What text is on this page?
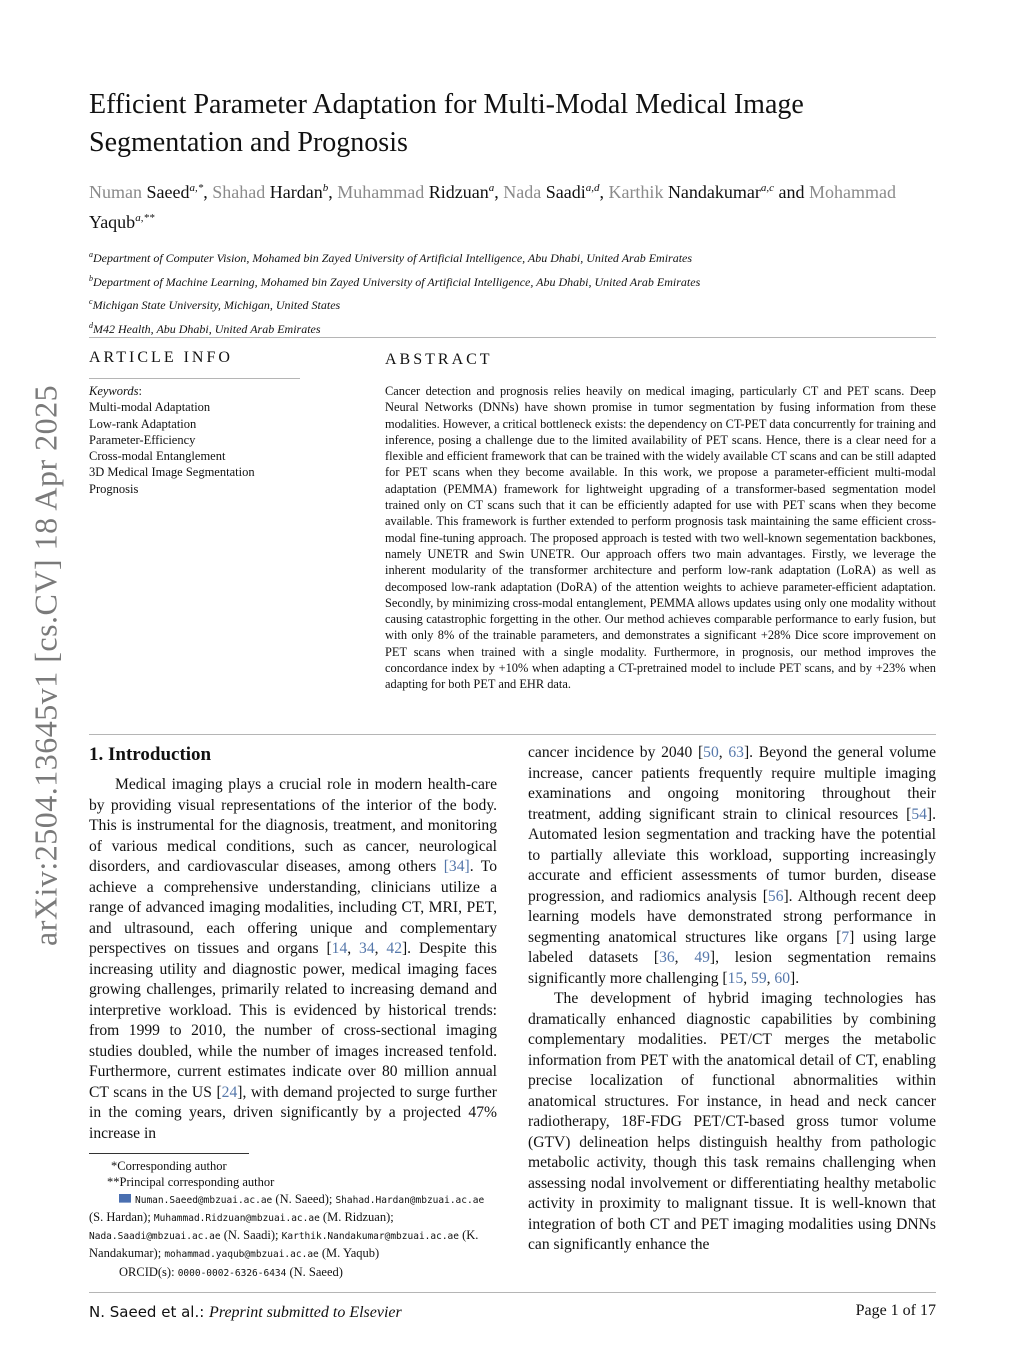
arXiv:2504.13645v1 [cs.CV] 18 Apr 2025
Efficient Parameter Adaptation for Multi-Modal Medical Image
Segmentation and Prognosis
Numan Saeed$^{a,*}$, Shahad Hardan$^b$, Muhammad Ridzuan$^a$, Nada Saadi$^{a,d}$, Karthik Nandakumar$^{a,c}$ and Mohammad Yaqub$^{a,**}$
$^a$Department of Computer Vision, Mohamed bin Zayed University of Artificial Intelligence, Abu Dhabi, United Arab Emirates
$^b$Department of Machine Learning, Mohamed bin Zayed University of Artificial Intelligence, Abu Dhabi, United Arab Emirates
$^c$Michigan State University, Michigan, United States
$^d$M42 Health, Abu Dhabi, United Arab Emirates
ARTICLE INFO	ABSTRACT
Keywords:
Multi-modal Adaptation
Low-rank Adaptation
Parameter-Efficiency
Cross-modal Entanglement
3D Medical Image Segmentation
Prognosis
Cancer detection and prognosis relies heavily on medical imaging, particularly CT and PET scans. Deep Neural Networks (DNNs) have shown promise in tumor segmentation by fusing information from these modalities. However, a critical bottleneck exists: the dependency on CT-PET data concurrently for training and inference, posing a challenge due to the limited availability of PET scans. Hence, there is a clear need for a flexible and efficient framework that can be trained with the widely available CT scans and can be still adapted for PET scans when they become available. In this work, we propose a parameter-efficient multi-modal adaptation (PEMMA) framework for lightweight upgrading of a transformer-based segmentation model trained only on CT scans such that it can be efficiently adapted for use with PET scans when they become available. This framework is further extended to perform prognosis task maintaining the same efficient cross-modal fine-tuning approach. The proposed approach is tested with two well-known segementation backbones, namely UNETR and Swin UNETR. Our approach offers two main advantages. Firstly, we leverage the inherent modularity of the transformer architecture and perform low-rank adaptation (LoRA) as well as decomposed low-rank adaptation (DoRA) of the attention weights to achieve parameter-efficient adaptation. Secondly, by minimizing cross-modal entanglement, PEMMA allows updates using only one modality without causing catastrophic forgetting in the other. Our method achieves comparable performance to early fusion, but with only 8% of the trainable parameters, and demonstrates a significant +28% Dice score improvement on PET scans when trained with a single modality. Furthermore, in prognosis, our method improves the concordance index by +10% when adapting a CT-pretrained model to include PET scans, and by +23% when adapting for both PET and EHR data.
1. Introduction

Medical imaging plays a crucial role in modern health-care by providing visual representations of the interior of the body. This is instrumental for the diagnosis, treatment, and monitoring of various medical conditions, such as cancer, neurological disorders, and cardiovascular diseases, among others [34]. To achieve a comprehensive understanding, clinicians utilize a range of advanced imaging modalities, including CT, MRI, PET, and ultrasound, each offering unique and complementary perspectives on tissues and organs [14, 34, 42]. Despite this increasing utility and diagnostic power, medical imaging faces growing challenges, primarily related to increasing demand and interpretive workload. This is evidenced by historical trends: from 1999 to 2010, the number of cross-sectional imaging studies doubled, while the number of images increased tenfold. Furthermore, current estimates indicate over 80 million annual CT scans in the US [24], with demand projected to surge further in the coming years, driven significantly by a projected 47% increase in

cancer incidence by 2040 [50, 63]. Beyond the general volume increase, cancer patients frequently require multiple imaging examinations and ongoing monitoring throughout their treatment, adding significant strain to clinical resources [54]. Automated lesion segmentation and tracking have the potential to partially alleviate this workload, supporting increasingly accurate and efficient assessments of tumor burden, disease progression, and radiomics analysis [56]. Although recent deep learning models have demonstrated strong performance in segmenting anatomical structures like organs [7] using large labeled datasets [36, 49], lesion segmentation remains significantly more challenging [15, 59, 60].

The development of hybrid imaging technologies has dramatically enhanced diagnostic capabilities by combining complementary modalities. PET/CT merges the metabolic information from PET with the anatomical detail of CT, enabling precise localization of functional abnormalities within anatomical structures. For instance, in head and neck cancer radiotherapy, 18F-FDG PET/CT-based gross tumor volume (GTV) delineation helps distinguish healthy from pathologic metabolic activity, though this task remains challenging when assessing nodal involvement or differentiating healthy metabolic activity in proximity to malignant tissue. It is well-known that integration of both CT and PET imaging modalities using DNNs can significantly enhance the

*Corresponding author
**Principal corresponding author
Numan.Saeed@mbzuai.ac.ae (N. Saeed); Shahad.Hardan@mbzuai.ac.ae
(S. Hardan); Muhammad.Ridzuan@mbzuai.ac.ae (M. Ridzuan);
Nada.Saadi@mbzuai.ac.ae (N. Saadi); Karthik.Nandakumar@mbzuai.ac.ae (K. Nandakumar); mohammad.yaqub@mbzuai.ac.ae (M. Yaqub)
ORCID(s): 0000-0002-6326-6434 (N. Saeed)
N. Saeed et al.: Preprint submitted to Elsevier	Page 1 of 17
